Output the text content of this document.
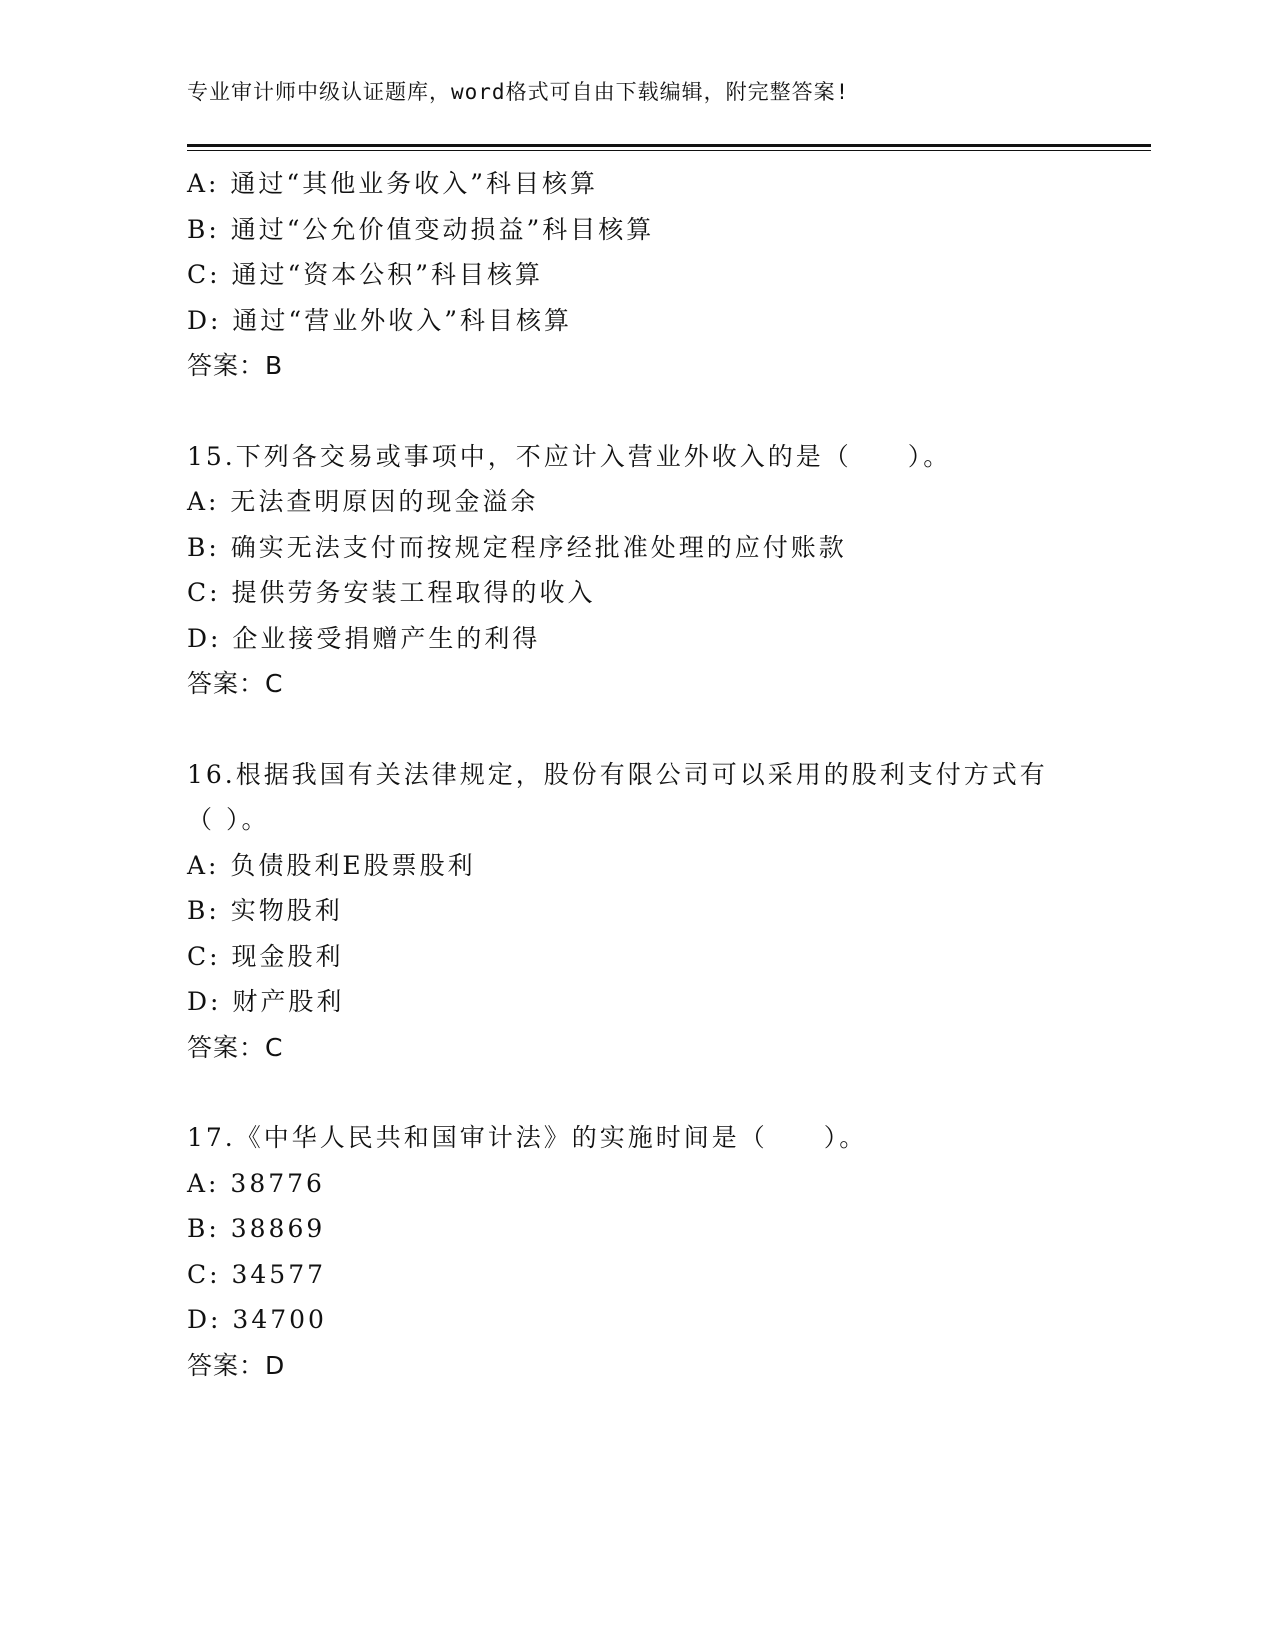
专业审计师中级认证题库，word格式可自由下载编辑，附完整答案!
A: 通过“其他业务收入”科目核算
B: 通过“公允价值变动损益”科目核算
C: 通过“资本公积”科目核算
D: 通过“营业外收入”科目核算
答案：B
15.下列各交易或事项中，不应计入营业外收入的是（　　）。
A: 无法查明原因的现金溢余
B: 确实无法支付而按规定程序经批准处理的应付账款
C: 提供劳务安装工程取得的收入
D: 企业接受捐赠产生的利得
答案：C
16.根据我国有关法律规定，股份有限公司可以采用的股利支付方式有
（ ）。
A: 负债股利E股票股利
B: 实物股利
C: 现金股利
D: 财产股利
答案：C
17.《中华人民共和国审计法》的实施时间是（　　）。
A: 38776
B: 38869
C: 34577
D: 34700
答案：D
